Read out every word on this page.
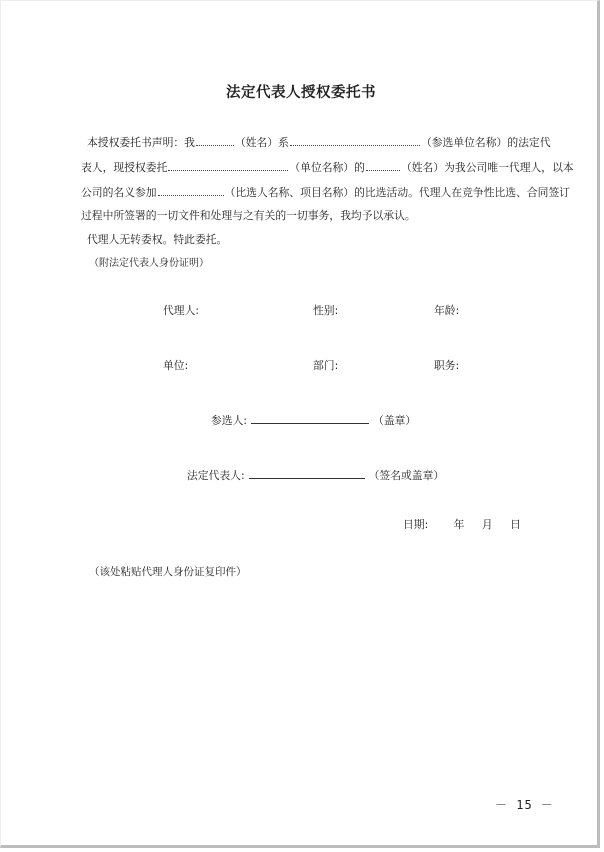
法定代表人授权委托书
本授权委托书声明：我	（姓名）系	（参选单位名称）的法定代
表人，现授权委托	（单位名称）的	（姓名）为我公司唯一代理人，以本
公司的名义参加	（比选人名称、项目名称）的比选活动。代理人在竞争性比选、合同签订
过程中所签署的一切文件和处理与之有关的一切事务，我均予以承认。
代理人无转委权。特此委托。
（附法定代表人身份证明）
代理人:	性别:	年龄:
单位:	部门:	职务:
参选人:	（盖章）
法定代表人:	（签名或盖章）
日期: 年 月 日
（该处粘贴代理人身份证复印件）
－ 15 －
